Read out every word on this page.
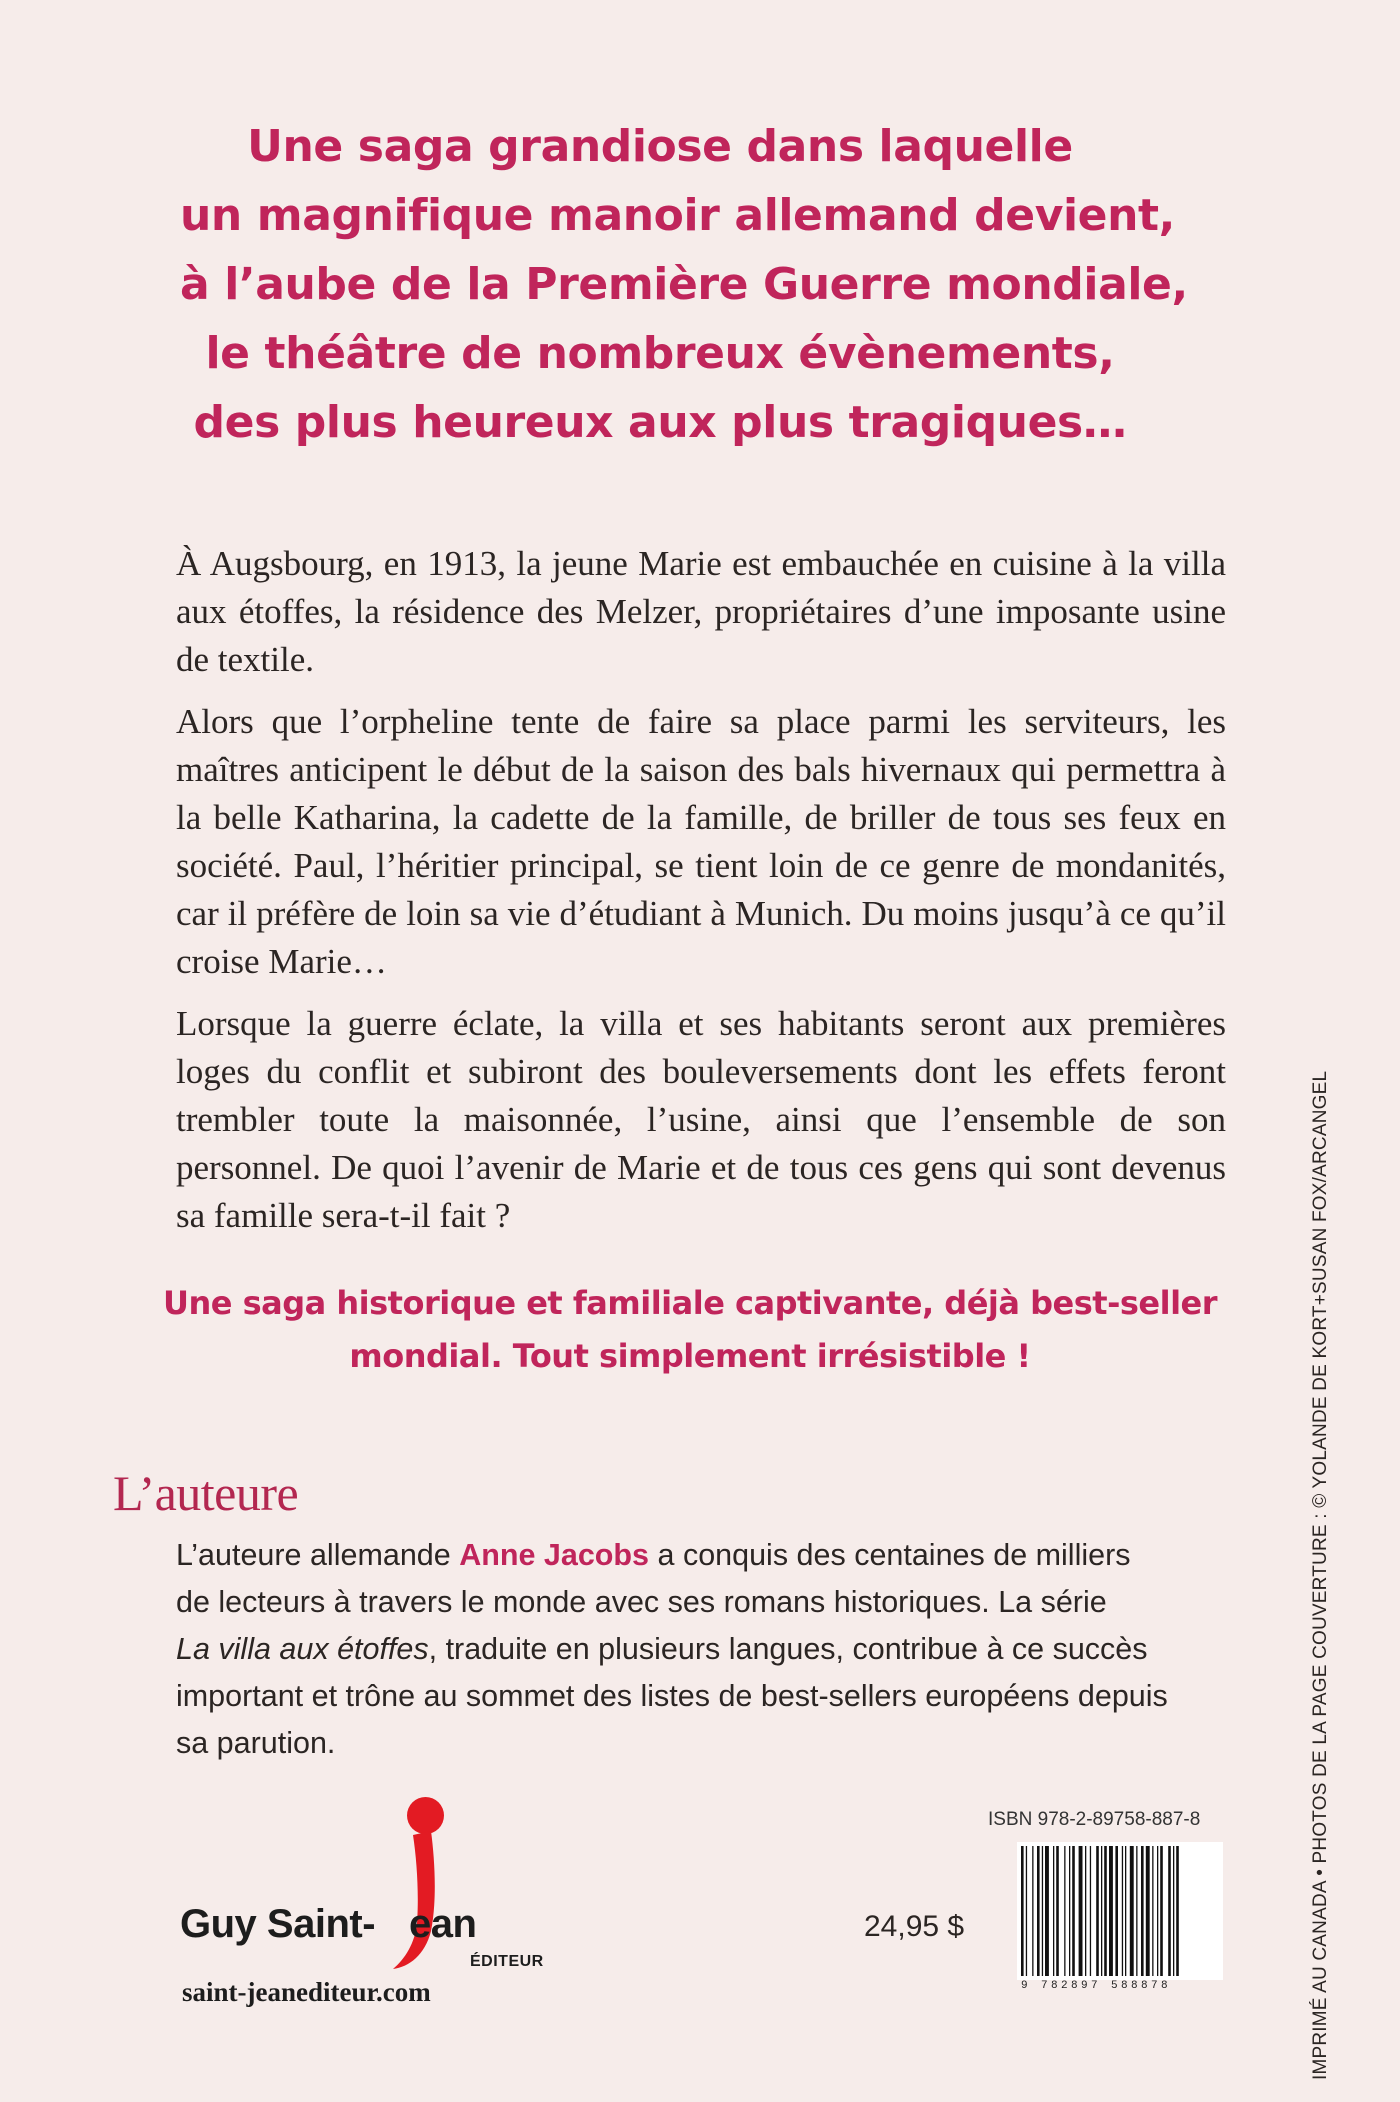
Une saga grandiose dans laquelle
un magnifique manoir allemand devient,
à l’aube de la Première Guerre mondiale,
le théâtre de nombreux évènements,
des plus heureux aux plus tragiques…

À Augsbourg, en 1913, la jeune Marie est embauchée en cuisine à la villa aux étoffes, la résidence des Melzer, propriétaires d’une imposante usine de textile.

Alors que l’orpheline tente de faire sa place parmi les serviteurs, les maîtres anticipent le début de la saison des bals hivernaux qui permettra à la belle Katharina, la cadette de la famille, de briller de tous ses feux en société. Paul, l’héritier principal, se tient loin de ce genre de mondanités, car il préfère de loin sa vie d’étudiant à Munich. Du moins jusqu’à ce qu’il croise Marie…

Lorsque la guerre éclate, la villa et ses habitants seront aux premières loges du conflit et subiront des bouleversements dont les effets feront trembler toute la maisonnée, l’usine, ainsi que l’ensemble de son personnel. De quoi l’avenir de Marie et de tous ces gens qui sont devenus sa famille sera-t-il fait ?

Une saga historique et familiale captivante, déjà best-seller
mondial. Tout simplement irrésistible !
L’auteure
L’auteure allemande Anne Jacobs a conquis des centaines de milliers
de lecteurs à travers le monde avec ses romans historiques. La série
La villa aux étoffes, traduite en plusieurs langues, contribue à ce succès
important et trône au sommet des listes de best-sellers européens depuis
sa parution.
Guy Saint- ean
ÉDITEUR
saint-jeanediteur.com
ISBN 978-2-89758-887-8
24,95 $
9 782897 588878	IMPRIMÉ AU CANADA • PHOTOS DE LA PAGE COUVERTURE : © YOLANDE DE KORT+SUSAN FOX/ARCANGEL
